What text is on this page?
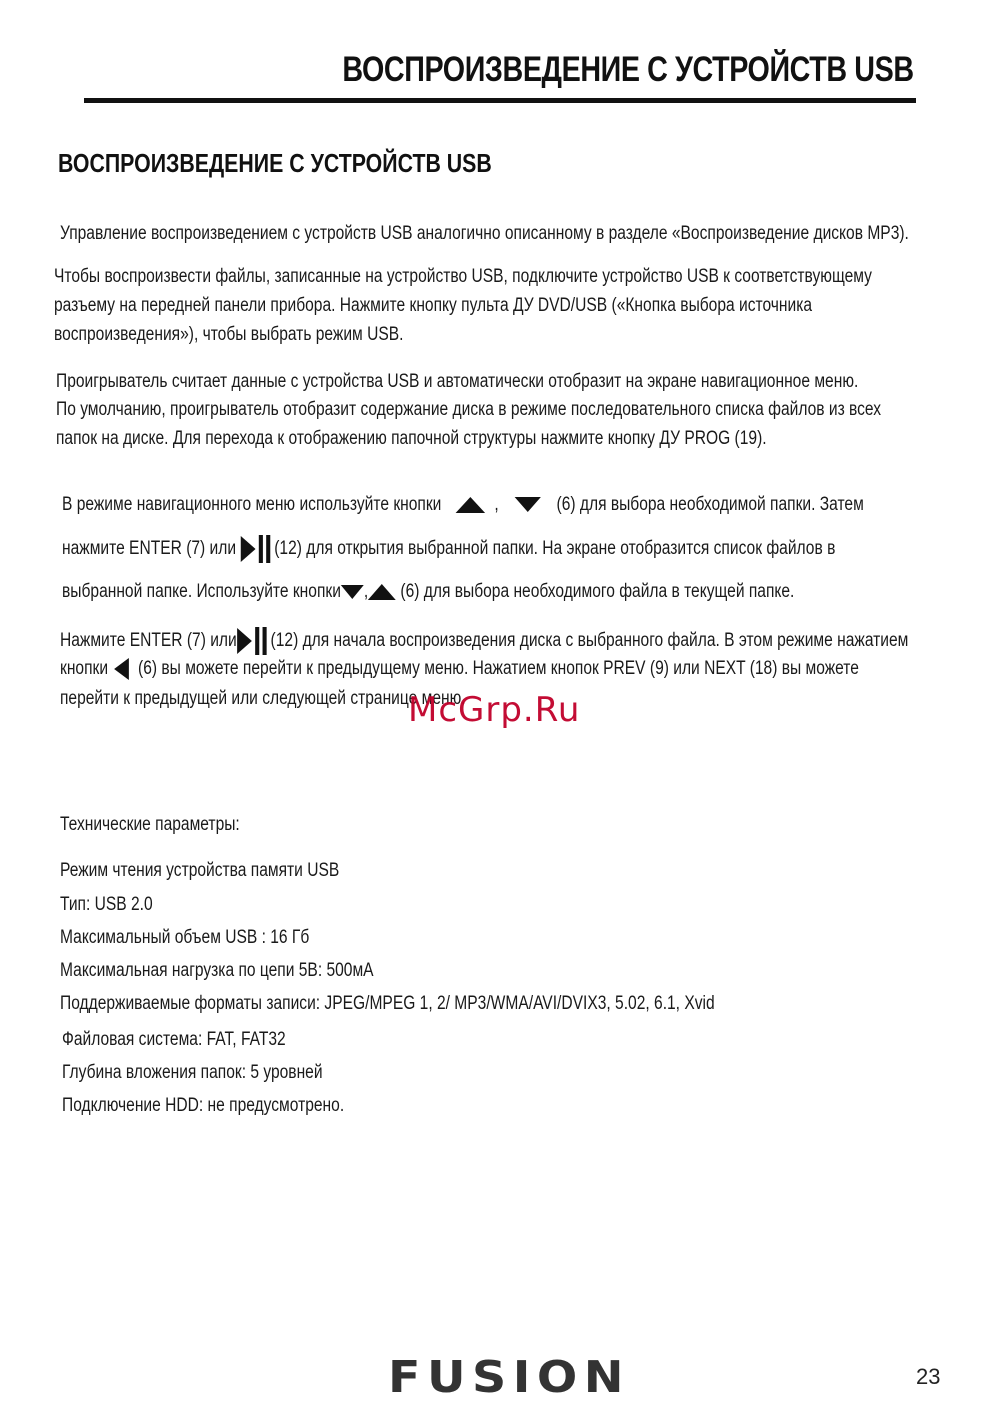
ВОСПРОИЗВЕДЕНИЕ С УСТРОЙСТВ USB
ВОСПРОИЗВЕДЕНИЕ С УСТРОЙСТВ USB
Управление воспроизведением с устройств USB аналогично описанному в разделе «Воспроизведение дисков MP3).
Чтобы воспроизвести файлы, записанные на устройство USB, подключите устройство USB к соответствующему
разъему на передней панели прибора. Нажмите кнопку пульта ДУ DVD/USB («Кнопка выбора источника
воспроизведения»), чтобы выбрать режим USB.
Проигрыватель считает данные с устройства USB и автоматически отобразит на экране навигационное меню.
По умолчанию, проигрыватель отобразит содержание диска в режиме последовательного списка файлов из всех
папок на диске. Для перехода к отображению папочной структуры нажмите кнопку ДУ PROG (19).
В режиме навигационного меню используйте кнопки	,	(6) для выбора необходимой папки. Затем
нажмите ENTER (7) или (12) для открытия выбранной папки. На экране отобразится список файлов в
выбранной папке. Используйте кнопки , (6) для выбора необходимого файла в текущей папке.
Нажмите ENTER (7) или (12) для начала воспроизведения диска с выбранного файла. В этом режиме нажатием
кнопки (6) вы можете перейти к предыдущему меню. Нажатием кнопок PREV (9) или NEXT (18) вы можете
перейти к предыдущей или следующей странице меню.
McGrp.Ru
Технические параметры:
Режим чтения устройства памяти USB
Тип: USB 2.0
Максимальный объем USB : 16 Гб
Максимальная нагрузка по цепи 5В: 500мА
Поддерживаемые форматы записи: JPEG/MPEG 1, 2/ MP3/WMA/AVI/DVIX3, 5.02, 6.1, Xvid
Файловая система: FAT, FAT32
Глубина вложения папок: 5 уровней
Подключение HDD: не предусмотрено.
FUSION	23
